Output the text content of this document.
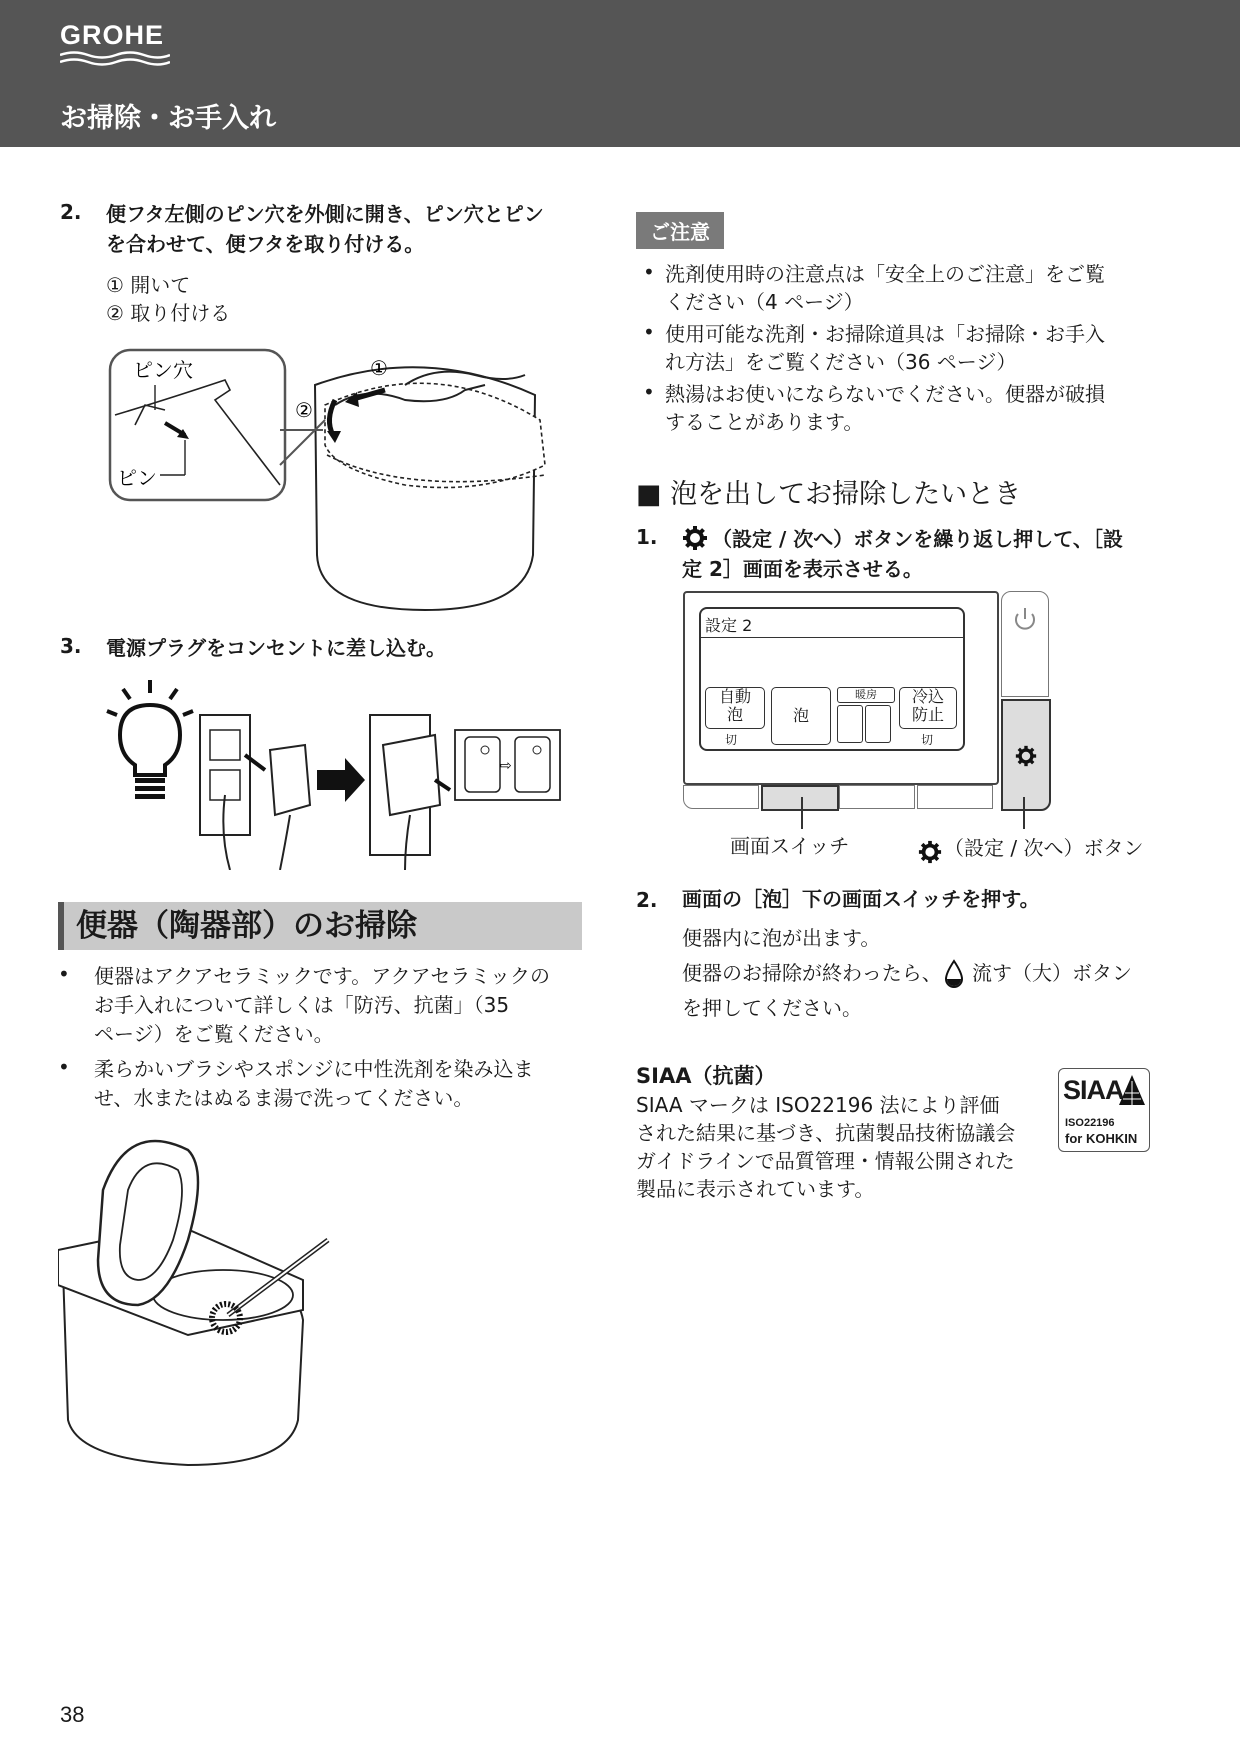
GROHE
お掃除・お手入れ
2. 便フタ左側のピン穴を外側に開き、ピン穴とピン
を合わせて、便フタを取り付ける。
① 開いて
② 取り付ける
①
②
ピン穴
ピン
3. 電源プラグをコンセントに差し込む。
⇨
便器（陶器部）のお掃除
• 便器はアクアセラミックです。アクアセラミックの
お手入れについて詳しくは「防汚、抗菌」（35
ページ）をご覧ください。
• 柔らかいブラシやスポンジに中性洗剤を染み込ま
せ、水またはぬるま湯で洗ってください。
ご注意
• 洗剤使用時の注意点は「安全上のご注意」をご覧
ください（4 ページ）
• 使用可能な洗剤・お掃除道具は「お掃除・お手入
れ方法」をご覧ください（36 ページ）
• 熱湯はお使いにならないでください。便器が破損
することがあります。
■ 泡を出してお掃除したいとき
1.	（設定 / 次へ）ボタンを繰り返し押して、［設
定 2］画面を表示させる。
設定 2
自動
泡
切
泡
暖房	冷込
防止
切
画面スイッチ	（設定 / 次へ）ボタン
2. 画面の［泡］下の画面スイッチを押す。
便器内に泡が出ます。
便器のお掃除が終わったら、 流す（大）ボタン
を押してください。
SIAA（抗菌）
SIAA マークは ISO22196 法により評価
された結果に基づき、抗菌製品技術協議会
ガイドラインで品質管理・情報公開された
製品に表示されています。
SIAA
ISO22196
for KOHKIN
38
